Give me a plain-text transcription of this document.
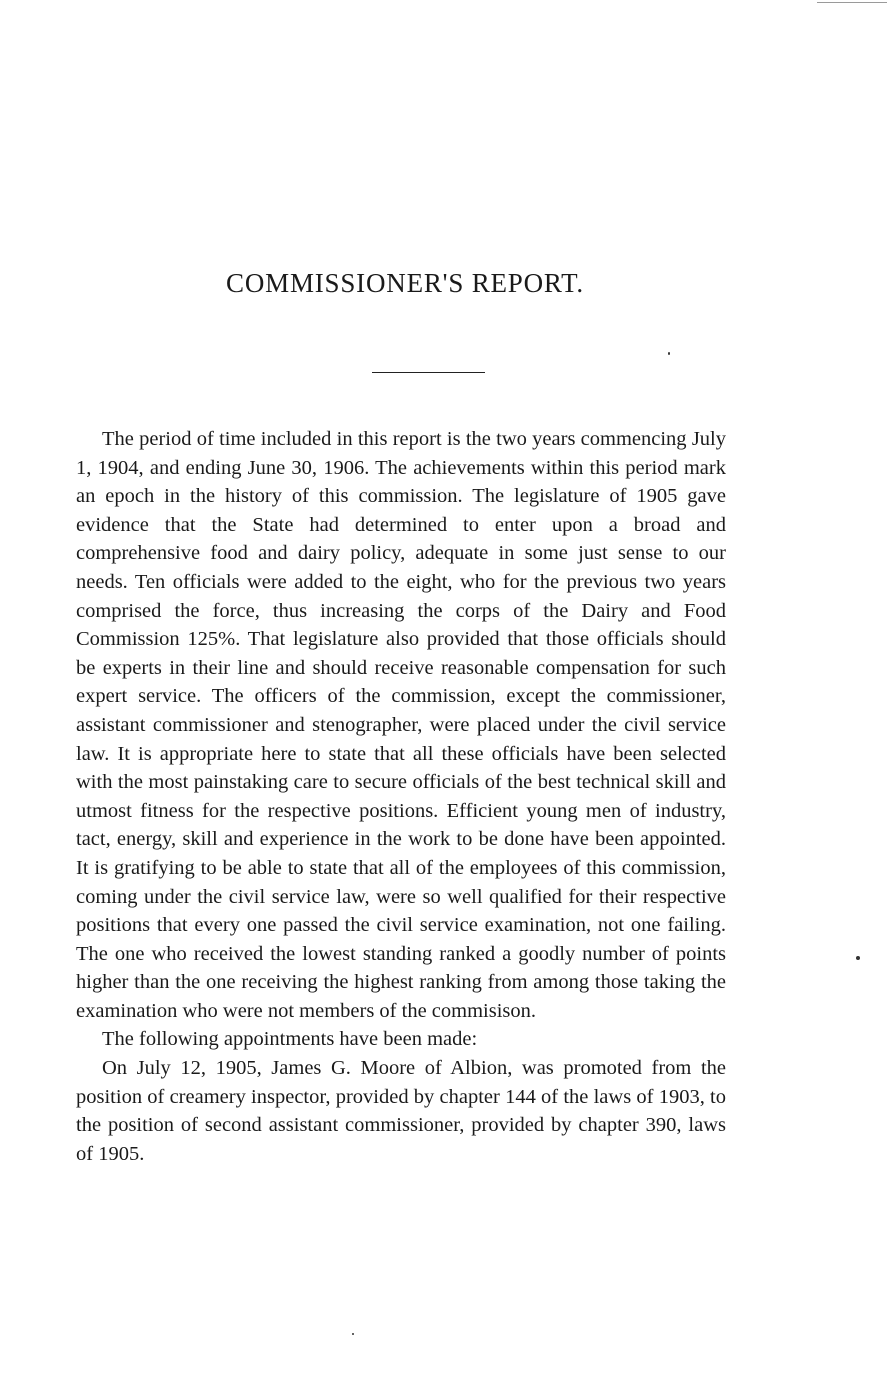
COMMISSIONER'S REPORT.

The period of time included in this report is the two years commencing July 1, 1904, and ending June 30, 1906. The achievements within this period mark an epoch in the history of this commission. The legislature of 1905 gave evidence that the State had determined to enter upon a broad and comprehensive food and dairy policy, adequate in some just sense to our needs. Ten officials were added to the eight, who for the previous two years comprised the force, thus increasing the corps of the Dairy and Food Commission 125%. That legislature also provided that those officials should be experts in their line and should receive reasonable compensation for such expert service. The officers of the commission, except the commissioner, assistant commissioner and stenographer, were placed under the civil service law. It is appropriate here to state that all these officials have been selected with the most painstaking care to secure officials of the best technical skill and utmost fitness for the respective positions. Efficient young men of industry, tact, energy, skill and experience in the work to be done have been appointed. It is gratifying to be able to state that all of the employees of this commission, coming under the civil service law, were so well qualified for their respective positions that every one passed the civil service examination, not one failing. The one who received the lowest standing ranked a goodly number of points higher than the one receiving the highest ranking from among those taking the examination who were not members of the commisison.

The following appointments have been made:

On July 12, 1905, James G. Moore of Albion, was promoted from the position of creamery inspector, provided by chapter 144 of the laws of 1903, to the position of second assistant commissioner, provided by chapter 390, laws of 1905.
